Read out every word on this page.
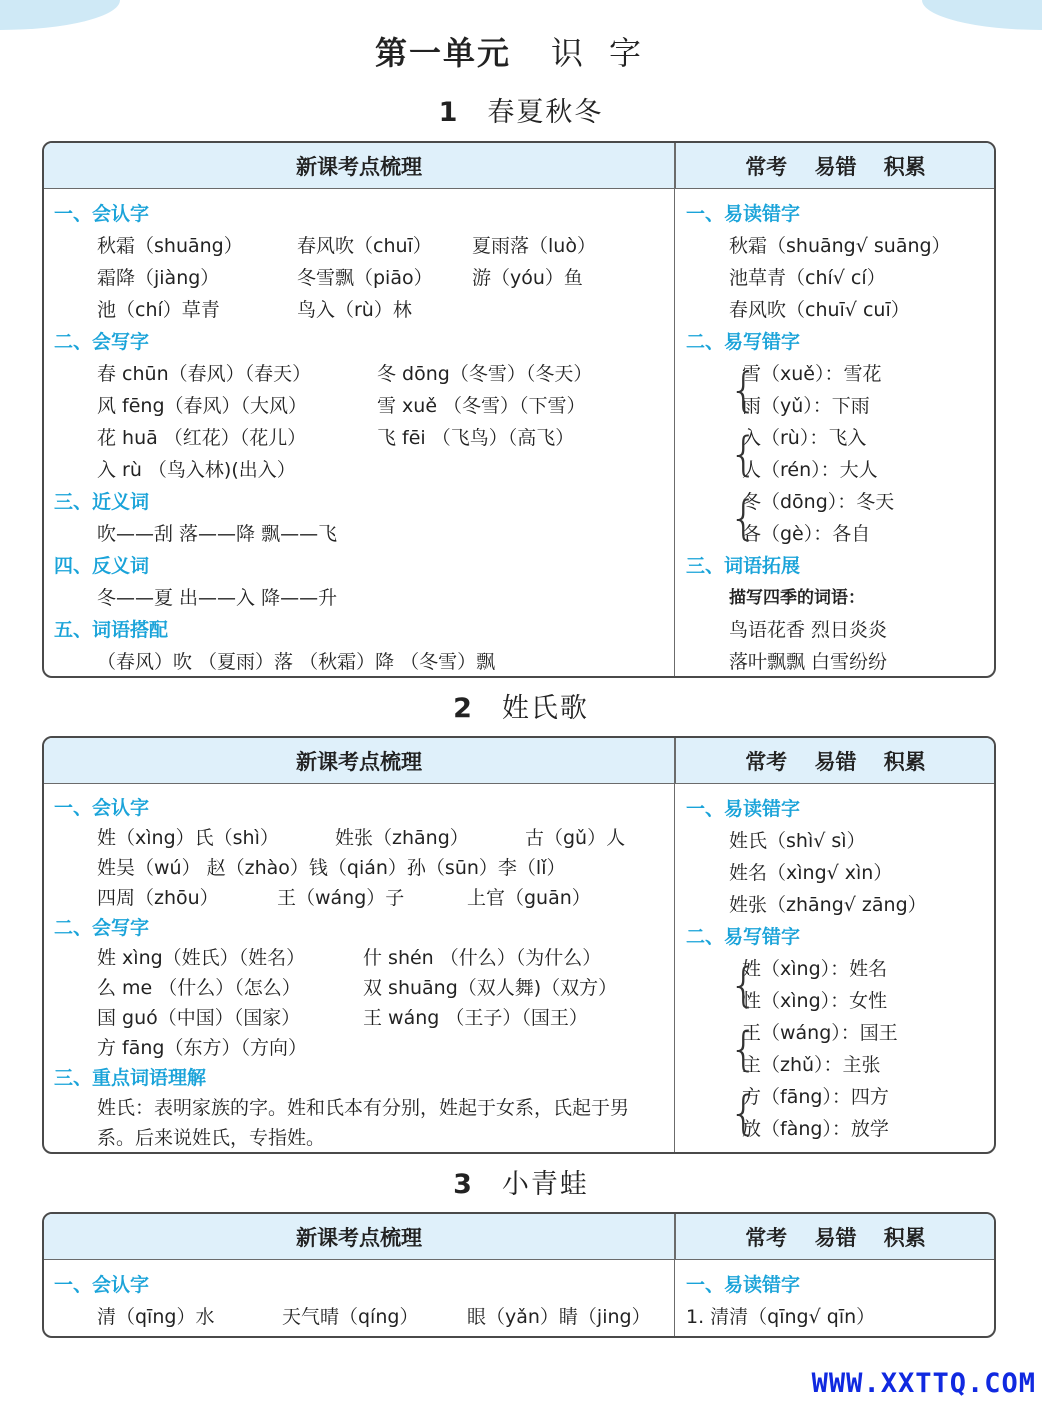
第一单元 识字
1 春夏秋冬
新课考点梳理	常考 易错 积累
一、会认字
秋霜（shuāng）	春风吹（chuī） 夏雨落（luò）
霜降（jiàng）	冬雪飘（piāo） 游（yóu）鱼
池（chí）草青	鸟入（rù）林
二、会写字
春 chūn（春风）（春天）	冬 dōng（冬雪）（冬天）
风 fēng（春风）（大风）	雪 xuě （冬雪）（下雪）
花 huā （红花）（花儿）	飞 fēi （飞鸟）（高飞）
入 rù （鸟入林)(出入）
三、近义词
吹——刮 落——降 飘——飞
四、反义词
冬——夏 出——入 降——升
五、词语搭配
（春风）吹 （夏雨）落 （秋霜）降 （冬雪）飘
一、易读错字
秋霜（shuāng√ suāng）
池草青（chí√ cí）
春风吹（chuī√ cuī）
二、易写错字
{
雪（xuě）：雪花
雨（yǔ）：下雨
{
入（rù）：飞入
人（rén）：大人
{
冬（dōng）：冬天
各（gè）：各自
三、词语拓展
描写四季的词语：
鸟语花香 烈日炎炎
落叶飘飘 白雪纷纷
2 姓氏歌
新课考点梳理	常考 易错 积累
一、会认字
姓（xìng）氏（shì）	姓张（zhāng）	古（gǔ）人
姓吴（wú） 赵（zhào）钱（qián）孙（sūn）李（lǐ）
四周（zhōu）	王（wáng）子	上官（guān）
二、会写字
姓 xìng（姓氏）（姓名）	什 shén （什么）（为什么）
么 me （什么）（怎么）	双 shuāng（双人舞)（双方）
国 guó（中国）（国家）	王 wáng （王子）（国王）
方 fāng（东方）（方向）
三、重点词语理解
姓氏：表明家族的字。姓和氏本有分别，姓起于女系，氏起于男系。后来说姓氏，专指姓。
一、易读错字
姓氏（shì√ sì）
姓名（xìng√ xìn）
姓张（zhāng√ zāng）
二、易写错字
{
姓（xìng）：姓名
性（xìng）：女性
{
王（wáng）：国王
主（zhǔ）：主张
{
方（fāng）：四方
放（fàng）：放学
3 小青蛙
新课考点梳理	常考 易错 积累
一、会认字
清（qīng）水	天气晴（qíng）	眼（yǎn）睛（jing）
一、易读错字
1. 清清（qīng√ qīn）
WWW.XXTTQ.COM
